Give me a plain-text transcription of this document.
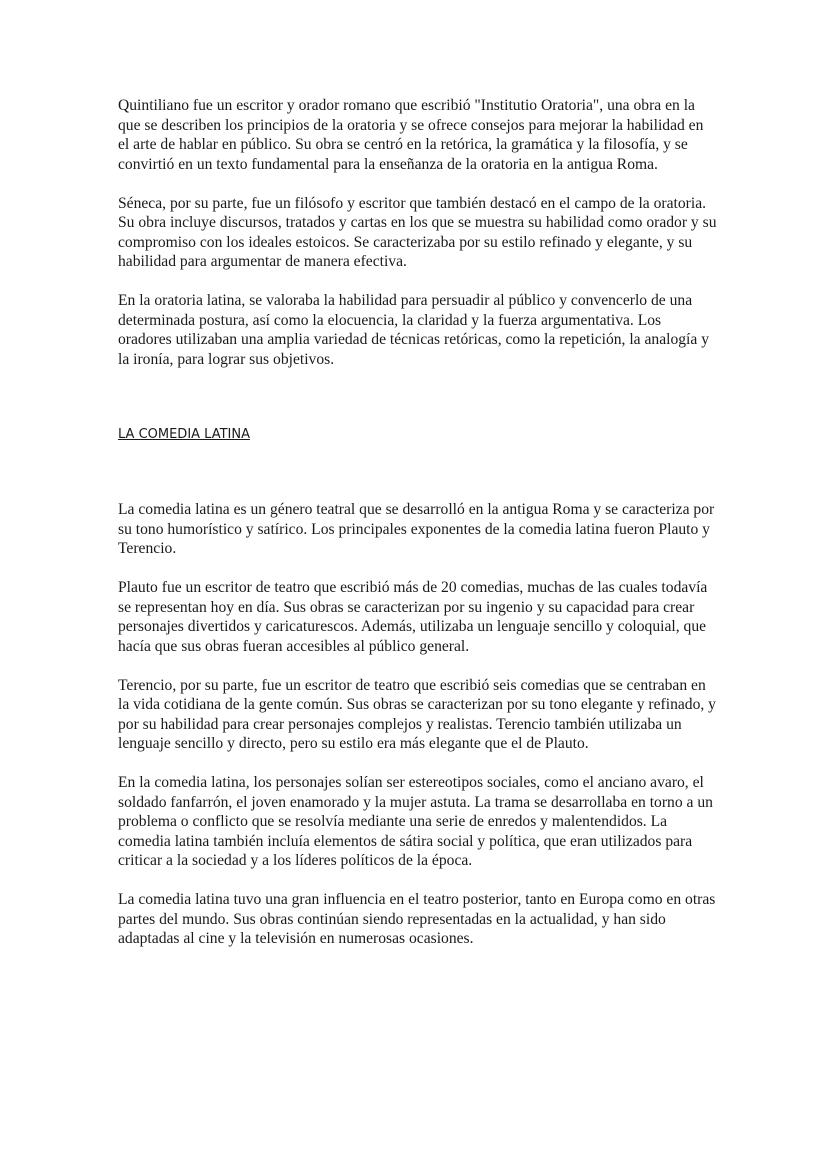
Quintiliano fue un escritor y orador romano que escribió "Institutio Oratoria", una obra en la que se describen los principios de la oratoria y se ofrece consejos para mejorar la habilidad en el arte de hablar en público. Su obra se centró en la retórica, la gramática y la filosofía, y se convirtió en un texto fundamental para la enseñanza de la oratoria en la antigua Roma.

Séneca, por su parte, fue un filósofo y escritor que también destacó en el campo de la oratoria. Su obra incluye discursos, tratados y cartas en los que se muestra su habilidad como orador y su compromiso con los ideales estoicos. Se caracterizaba por su estilo refinado y elegante, y su habilidad para argumentar de manera efectiva.

En la oratoria latina, se valoraba la habilidad para persuadir al público y convencerlo de una determinada postura, así como la elocuencia, la claridad y la fuerza argumentativa. Los oradores utilizaban una amplia variedad de técnicas retóricas, como la repetición, la analogía y la ironía, para lograr sus objetivos.

LA COMEDIA LATINA

La comedia latina es un género teatral que se desarrolló en la antigua Roma y se caracteriza por su tono humorístico y satírico. Los principales exponentes de la comedia latina fueron Plauto y Terencio.

Plauto fue un escritor de teatro que escribió más de 20 comedias, muchas de las cuales todavía se representan hoy en día. Sus obras se caracterizan por su ingenio y su capacidad para crear personajes divertidos y caricaturescos. Además, utilizaba un lenguaje sencillo y coloquial, que hacía que sus obras fueran accesibles al público general.

Terencio, por su parte, fue un escritor de teatro que escribió seis comedias que se centraban en la vida cotidiana de la gente común. Sus obras se caracterizan por su tono elegante y refinado, y por su habilidad para crear personajes complejos y realistas. Terencio también utilizaba un lenguaje sencillo y directo, pero su estilo era más elegante que el de Plauto.

En la comedia latina, los personajes solían ser estereotipos sociales, como el anciano avaro, el soldado fanfarrón, el joven enamorado y la mujer astuta. La trama se desarrollaba en torno a un problema o conflicto que se resolvía mediante una serie de enredos y malentendidos. La comedia latina también incluía elementos de sátira social y política, que eran utilizados para criticar a la sociedad y a los líderes políticos de la época.

La comedia latina tuvo una gran influencia en el teatro posterior, tanto en Europa como en otras partes del mundo. Sus obras continúan siendo representadas en la actualidad, y han sido adaptadas al cine y la televisión en numerosas ocasiones.
